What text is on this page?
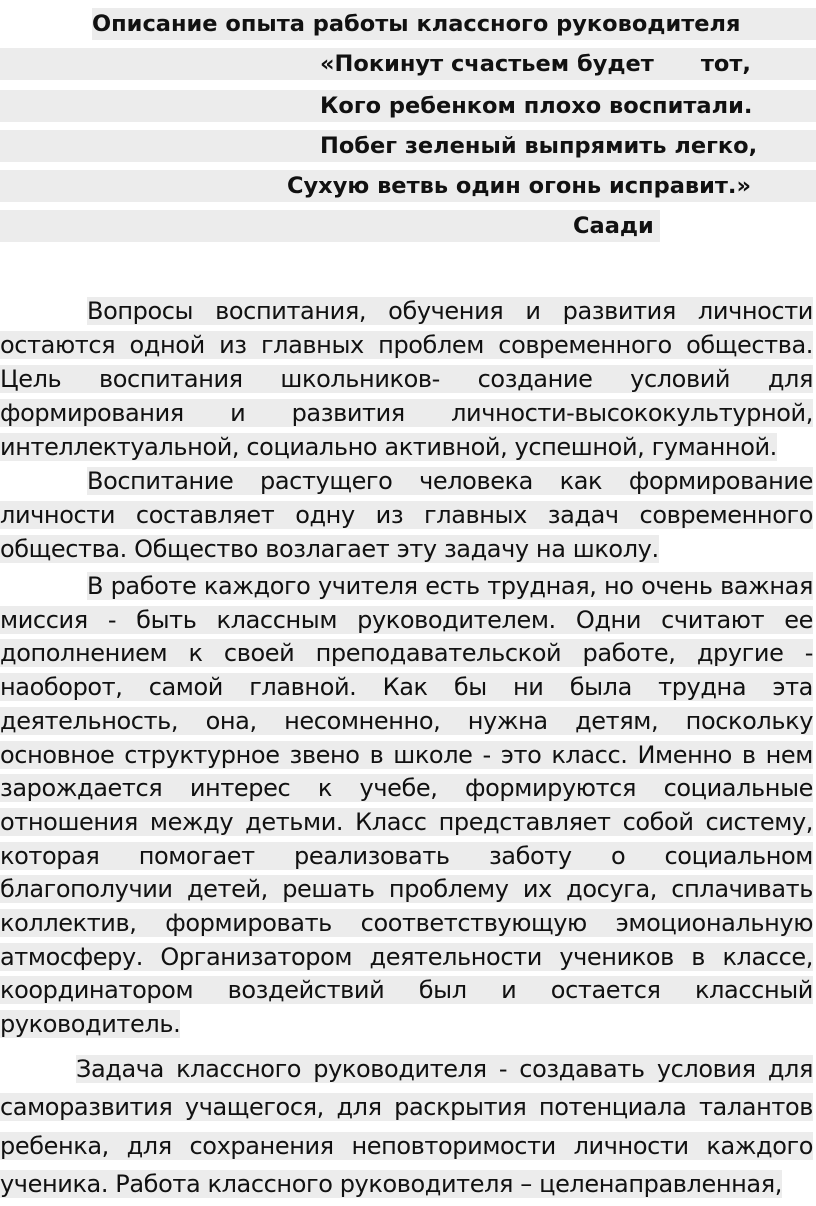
Описание опыта работы классного руководителя
«Покинут счастьем будет      тот,
Кого ребенком плохо воспитали.
Побег зеленый выпрямить легко,
Сухую ветвь один огонь исправит.»
Саади

Вопросы воспитания, обучения и развития личности остаются одной из главных проблем современного общества. Цель воспитания школьников- создание условий для формирования и развития личности-высококультурной, интеллектуальной, социально активной, успешной, гуманной.

Воспитание растущего человека как формирование личности составляет одну из главных задач современного общества. Общество возлагает эту задачу на школу.

В работе каждого учителя есть трудная, но очень важная миссия - быть классным руководителем. Одни считают ее дополнением к своей преподавательской работе, другие - наоборот, самой главной. Как бы ни была трудна эта деятельность, она, несомненно, нужна детям, поскольку основное структурное звено в школе - это класс. Именно в нем зарождается интерес к учебе, формируются социальные отношения между детьми. Класс представляет собой систему, которая помогает реализовать заботу о социальном благополучии детей, решать проблему их досуга, сплачивать коллектив, формировать соответствующую эмоциональную атмосферу. Организатором деятельности учеников в классе, координатором воздействий был и остается классный руководитель.

Задача классного руководителя - создавать условия для саморазвития учащегося, для раскрытия потенциала талантов ребенка, для сохранения неповторимости личности каждого ученика. Работа классного руководителя – целенаправленная,
